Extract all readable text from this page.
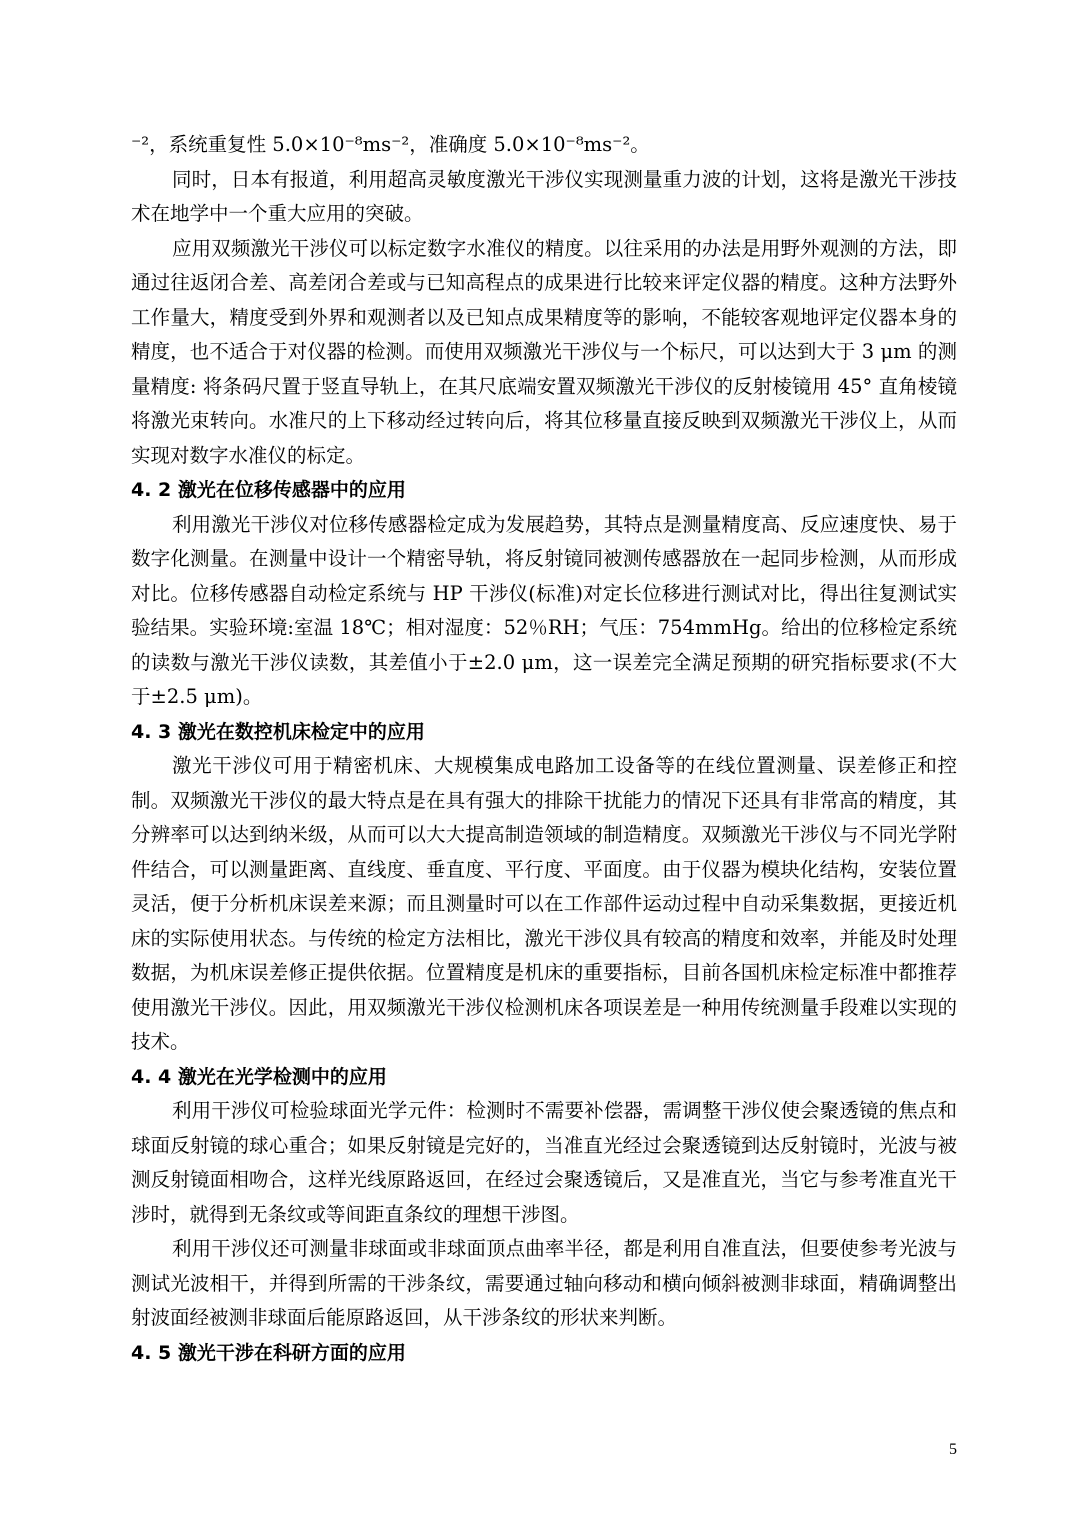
⁻²，系统重复性 5.0×10⁻⁸ms⁻²，准确度 5.0×10⁻⁸ms⁻²。

同时，日本有报道，利用超高灵敏度激光干涉仪实现测量重力波的计划，这将是激光干涉技术在地学中一个重大应用的突破。

应用双频激光干涉仪可以标定数字水准仪的精度。以往采用的办法是用野外观测的方法，即通过往返闭合差、高差闭合差或与已知高程点的成果进行比较来评定仪器的精度。这种方法野外工作量大，精度受到外界和观测者以及已知点成果精度等的影响，不能较客观地评定仪器本身的精度，也不适合于对仪器的检测。而使用双频激光干涉仪与一个标尺，可以达到大于 3 μm 的测量精度: 将条码尺置于竖直导轨上，在其尺底端安置双频激光干涉仪的反射棱镜用 45° 直角棱镜将激光束转向。水准尺的上下移动经过转向后，将其位移量直接反映到双频激光干涉仪上，从而实现对数字水准仪的标定。

4. 2 激光在位移传感器中的应用

利用激光干涉仪对位移传感器检定成为发展趋势，其特点是测量精度高、反应速度快、易于数字化测量。在测量中设计一个精密导轨，将反射镜同被测传感器放在一起同步检测，从而形成对比。位移传感器自动检定系统与 HP 干涉仪(标准)对定长位移进行测试对比，得出往复测试实验结果。实验环境:室温 18℃；相对湿度：52％RH；气压：754mmHg。给出的位移检定系统的读数与激光干涉仪读数，其差值小于±2.0 μm，这一误差完全满足预期的研究指标要求(不大于±2.5 μm)。

4. 3 激光在数控机床检定中的应用

激光干涉仪可用于精密机床、大规模集成电路加工设备等的在线位置测量、误差修正和控制。双频激光干涉仪的最大特点是在具有强大的排除干扰能力的情况下还具有非常高的精度，其分辨率可以达到纳米级，从而可以大大提高制造领域的制造精度。双频激光干涉仪与不同光学附件结合，可以测量距离、直线度、垂直度、平行度、平面度。由于仪器为模块化结构，安装位置灵活，便于分析机床误差来源；而且测量时可以在工作部件运动过程中自动采集数据，更接近机床的实际使用状态。与传统的检定方法相比，激光干涉仪具有较高的精度和效率，并能及时处理数据，为机床误差修正提供依据。位置精度是机床的重要指标，目前各国机床检定标准中都推荐使用激光干涉仪。因此，用双频激光干涉仪检测机床各项误差是一种用传统测量手段难以实现的技术。

4. 4 激光在光学检测中的应用

利用干涉仪可检验球面光学元件：检测时不需要补偿器，需调整干涉仪使会聚透镜的焦点和球面反射镜的球心重合；如果反射镜是完好的，当准直光经过会聚透镜到达反射镜时，光波与被测反射镜面相吻合，这样光线原路返回，在经过会聚透镜后，又是准直光，当它与参考准直光干涉时，就得到无条纹或等间距直条纹的理想干涉图。

利用干涉仪还可测量非球面或非球面顶点曲率半径，都是利用自准直法，但要使参考光波与测试光波相干，并得到所需的干涉条纹，需要通过轴向移动和横向倾斜被测非球面，精确调整出射波面经被测非球面后能原路返回，从干涉条纹的形状来判断。

4. 5 激光干涉在科研方面的应用
5
